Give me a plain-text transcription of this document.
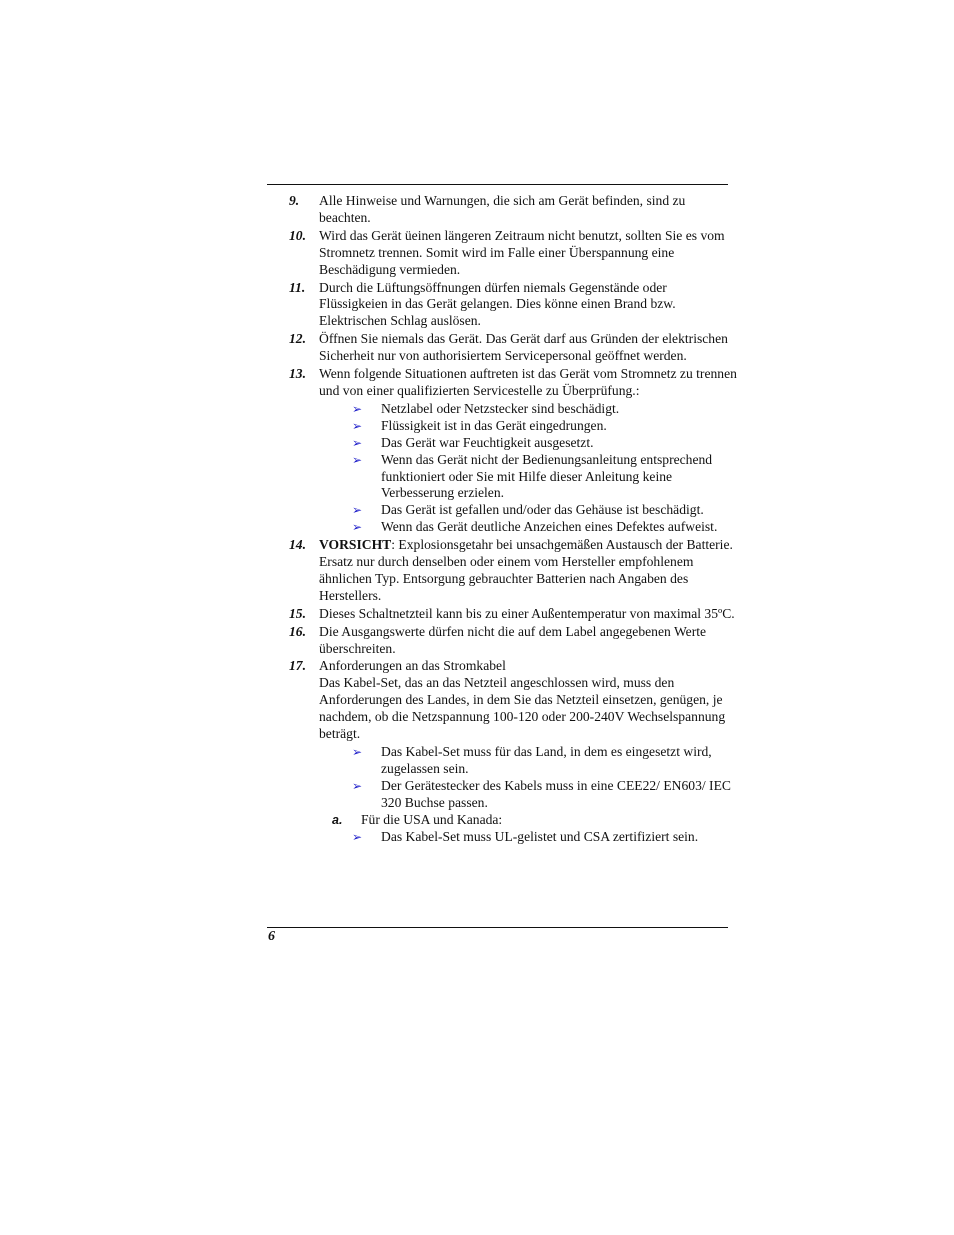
9. Alle Hinweise und Warnungen, die sich am Gerät befinden, sind zu beachten.
10. Wird das Gerät üeinen längeren Zeitraum nicht benutzt, sollten Sie es vom Stromnetz trennen. Somit wird im Falle einer Überspannung eine Beschädigung vermieden.
11. Durch die Lüftungsöffnungen dürfen niemals Gegenstände oder Flüssigkeien in das Gerät gelangen. Dies könne einen Brand bzw. Elektrischen Schlag auslösen.
12. Öffnen Sie niemals das Gerät. Das Gerät darf aus Gründen der elektrischen Sicherheit nur von authorisiertem Servicepersonal geöffnet werden.
13. Wenn folgende Situationen auftreten ist das Gerät vom Stromnetz zu trennen und von einer qualifizierten Servicestelle zu Überprüfung.:
➢ Netzlabel oder Netzstecker sind beschädigt.
➢ Flüssigkeit ist in das Gerät eingedrungen.
➢ Das Gerät war Feuchtigkeit ausgesetzt.
➢ Wenn das Gerät nicht der Bedienungsanleitung entsprechend funktioniert oder Sie mit Hilfe dieser Anleitung keine Verbesserung erzielen.
➢ Das Gerät ist gefallen und/oder das Gehäuse ist beschädigt.
➢ Wenn das Gerät deutliche Anzeichen eines Defektes aufweist.
14. VORSICHT: Explosionsgetahr bei unsachgemäßen Austausch der Batterie. Ersatz nur durch denselben oder einem vom Hersteller empfohlenem ähnlichen Typ. Entsorgung gebrauchter Batterien nach Angaben des Herstellers.
15. Dieses Schaltnetzteil kann bis zu einer Außentemperatur von maximal 35ºC.
16. Die Ausgangswerte dürfen nicht die auf dem Label angegebenen Werte überschreiten.
17. Anforderungen an das Stromkabel
Das Kabel-Set, das an das Netzteil angeschlossen wird, muss den Anforderungen des Landes, in dem Sie das Netzteil einsetzen, genügen, je nachdem, ob die Netzspannung 100-120 oder 200-240V Wechselspannung beträgt.
➢ Das Kabel-Set muss für das Land, in dem es eingesetzt wird, zugelassen sein.
➢ Der Gerätestecker des Kabels muss in eine CEE22/ EN603/ IEC 320 Buchse passen.
a. Für die USA und Kanada:
➢ Das Kabel-Set muss UL-gelistet und CSA zertifiziert sein.
6
